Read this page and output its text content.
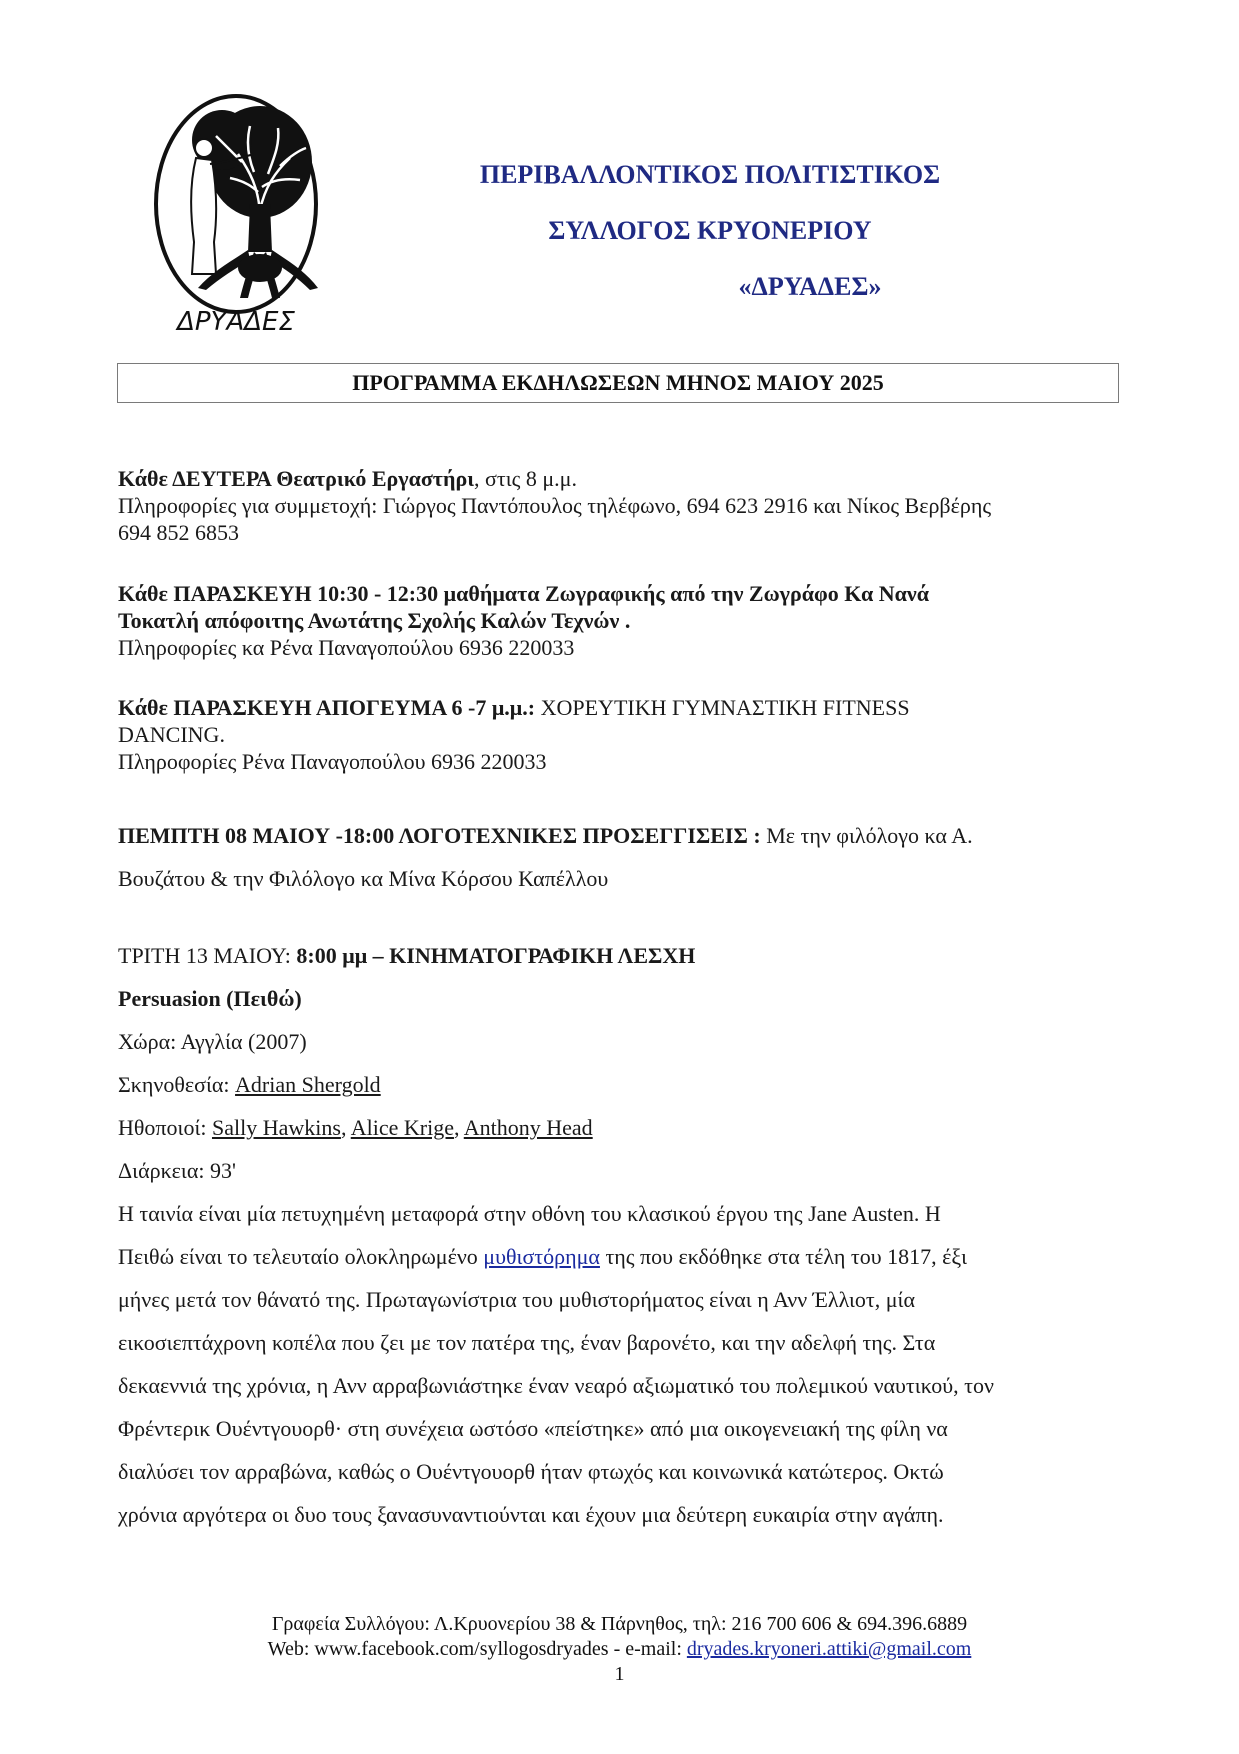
ΔΡΥΑΔΕΣ
ΠΕΡΙΒΑΛΛΟΝΤΙΚΟΣ ΠΟΛΙΤΙΣΤΙΚΟΣ
ΣΥΛΛΟΓΟΣ ΚΡΥΟΝΕΡΙΟΥ
«ΔΡΥΑΔΕΣ»
ΠΡΟΓΡΑΜΜΑ ΕΚΔΗΛΩΣΕΩΝ ΜΗΝΟΣ ΜΑΙΟΥ 2025
Κάθε ΔΕΥΤΕΡΑ Θεατρικό Εργαστήρι, στις 8 μ.μ.
Πληροφορίες για συμμετοχή: Γιώργος Παντόπουλος τηλέφωνο, 694 623 2916 και Νίκος Βερβέρης
694 852 6853
Κάθε ΠΑΡΑΣΚΕΥΗ 10:30 - 12:30 μαθήματα Ζωγραφικής από την Ζωγράφο Κα Νανά
Τοκατλή απόφοιτης Ανωτάτης Σχολής Καλών Τεχνών .
Πληροφορίες κα Ρένα Παναγοπούλου 6936 220033
Κάθε ΠΑΡΑΣΚΕΥΗ ΑΠΟΓΕΥΜΑ 6 -7 μ.μ.: ΧΟΡΕΥΤΙΚΗ ΓΥΜΝΑΣΤΙΚΗ FITNESS
DANCING.
Πληροφορίες Ρένα Παναγοπούλου 6936 220033
ΠΕΜΠΤΗ 08 ΜΑΙΟΥ -18:00 ΛΟΓΟΤΕΧΝΙΚΕΣ ΠΡΟΣΕΓΓΙΣΕΙΣ : Με την φιλόλογο κα Α.
Βουζάτου & την Φιλόλογο κα Μίνα Κόρσου Καπέλλου
ΤΡΙΤΗ 13 ΜΑΙΟΥ: 8:00 μμ – ΚΙΝΗΜΑΤΟΓΡΑΦΙΚΗ ΛΕΣΧΗ
Persuasion (Πειθώ)
Χώρα: Αγγλία (2007)
Σκηνοθεσία: Adrian Shergold
Ηθοποιοί: Sally Hawkins, Alice Krige, Anthony Head
Διάρκεια: 93'
Η ταινία είναι μία πετυχημένη μεταφορά στην οθόνη του κλασικού έργου της Jane Austen. Η
Πειθώ είναι το τελευταίο ολοκληρωμένο μυθιστόρημα της που εκδόθηκε στα τέλη του 1817, έξι
μήνες μετά τον θάνατό της. Πρωταγωνίστρια του μυθιστορήματος είναι η Ανν Έλλιοτ, μία
εικοσιεπτάχρονη κοπέλα που ζει με τον πατέρα της, έναν βαρονέτο, και την αδελφή της. Στα
δεκαεννιά της χρόνια, η Ανν αρραβωνιάστηκε έναν νεαρό αξιωματικό του πολεμικού ναυτικού, τον
Φρέντερικ Ουέντγουορθ· στη συνέχεια ωστόσο «πείστηκε» από μια οικογενειακή της φίλη να
διαλύσει τον αρραβώνα, καθώς ο Ουέντγουορθ ήταν φτωχός και κοινωνικά κατώτερος. Οκτώ
χρόνια αργότερα οι δυο τους ξανασυναντιούνται και έχουν μια δεύτερη ευκαιρία στην αγάπη.
Γραφεία Συλλόγου: Λ.Κρυονερίου 38 & Πάρνηθος, τηλ: 216 700 606 & 694.396.6889
Web: www.facebook.com/syllogosdryades - e-mail: dryades.kryoneri.attiki@gmail.com
1
